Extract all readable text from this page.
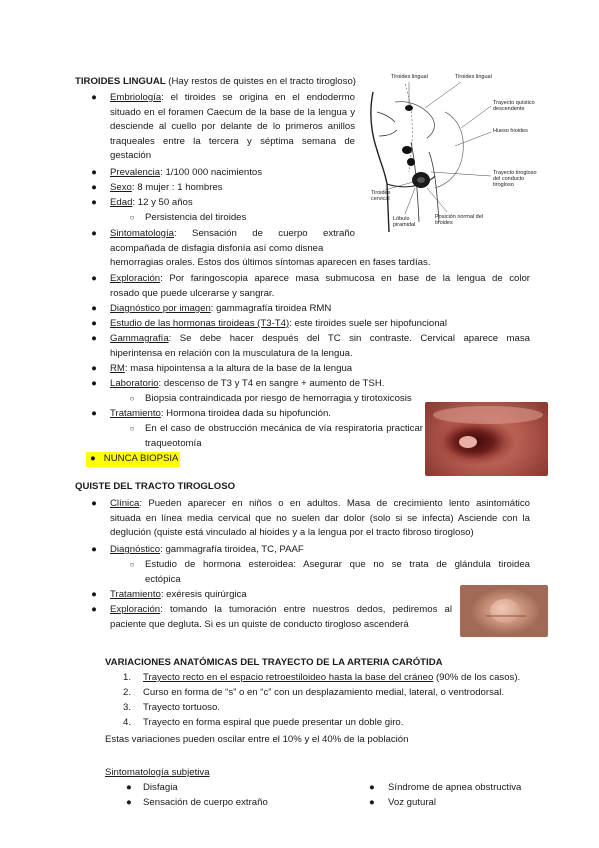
TIROIDES LINGUAL (Hay restos de quistes en el tracto tirogloso)
● Embriología: el tiroides se origina en el endodermo
situado en el foramen Caecum de la base de la lengua y
desciende al cuello por delante de lo primeros anillos
traqueales entre la tercera y séptima semana de
gestación
● Prevalencia: 1/100 000 nacimientos
● Sexo: 8 mujer : 1 hombres
● Edad: 12 y 50 años
○ Persistencia del tiroides
● Sintomatología: Sensación de cuerpo extraño
acompañada de disfagia disfonía así como disnea
hemorragias orales. Estos dos últimos síntomas aparecen en fases tardías.
● Exploración: Por faringoscopia aparece masa submucosa en base de la lengua de color
rosado que puede ulcerarse y sangrar.
● Diagnóstico por imagen: gammagrafía tiroidea RMN
● Estudio de las hormonas tiroideas (T3-T4): este tiroides suele ser hipofuncional
● Gammagrafía: Se debe hacer después del TC sin contraste. Cervical aparece masa
hiperintensa en relación con la musculatura de la lengua.
● RM: masa hipointensa a la altura de la base de la lengua
● Laboratorio: descenso de T3 y T4 en sangre + aumento de TSH.
○ Biopsia contraindicada por riesgo de hemorragia y tirotoxicosis
● Tratamiento: Hormona tiroidea dada su hipofunción.
○ En el caso de obstrucción mecánica de vía respiratoria practicar
traqueotomía
● NUNCA BIOPSIA
Tiroides lingual	Tiroides lingual
Trayecto quístico descendente
Hueso hioides
Trayecto tirogloso del conducto tirogloso
Tiroides cervical
Lóbulo piramidal
Posición normal del tiroides
QUISTE DEL TRACTO TIROGLOSO
● Clínica: Pueden aparecer en niños o en adultos. Masa de crecimiento lento asintomático
situada en línea media cervical que no suelen dar dolor (solo si se infecta) Asciende con la
deglución (quiste está vinculado al hioides y a la lengua por el tracto fibroso tirogloso)
● Diagnóstico: gammagrafía tiroidea, TC, PAAF
○ Estudio de hormona esteroidea: Asegurar que no se trata de glándula tiroidea
ectópica
● Tratamiento: exéresis quirúrgica
● Exploración: tomando la tumoración entre nuestros dedos, pediremos al
paciente que degluta. Si es un quiste de conducto tirogloso ascenderá
VARIACIONES ANATÓMICAS DEL TRAYECTO DE LA ARTERIA CARÓTIDA
1. Trayecto recto en el espacio retroestiloideo hasta la base del cráneo (90% de los casos).
2. Curso en forma de “s” o en “c” con un desplazamiento medial, lateral, o ventrodorsal.
3. Trayecto tortuoso.
4. Trayecto en forma espiral que puede presentar un doble giro.
Estas variaciones pueden oscilar entre el 10% y el 40% de la población
Sintomatología subjetiva
● Disfagia
● Sensación de cuerpo extraño
● Síndrome de apnea obstructiva
● Voz gutural
